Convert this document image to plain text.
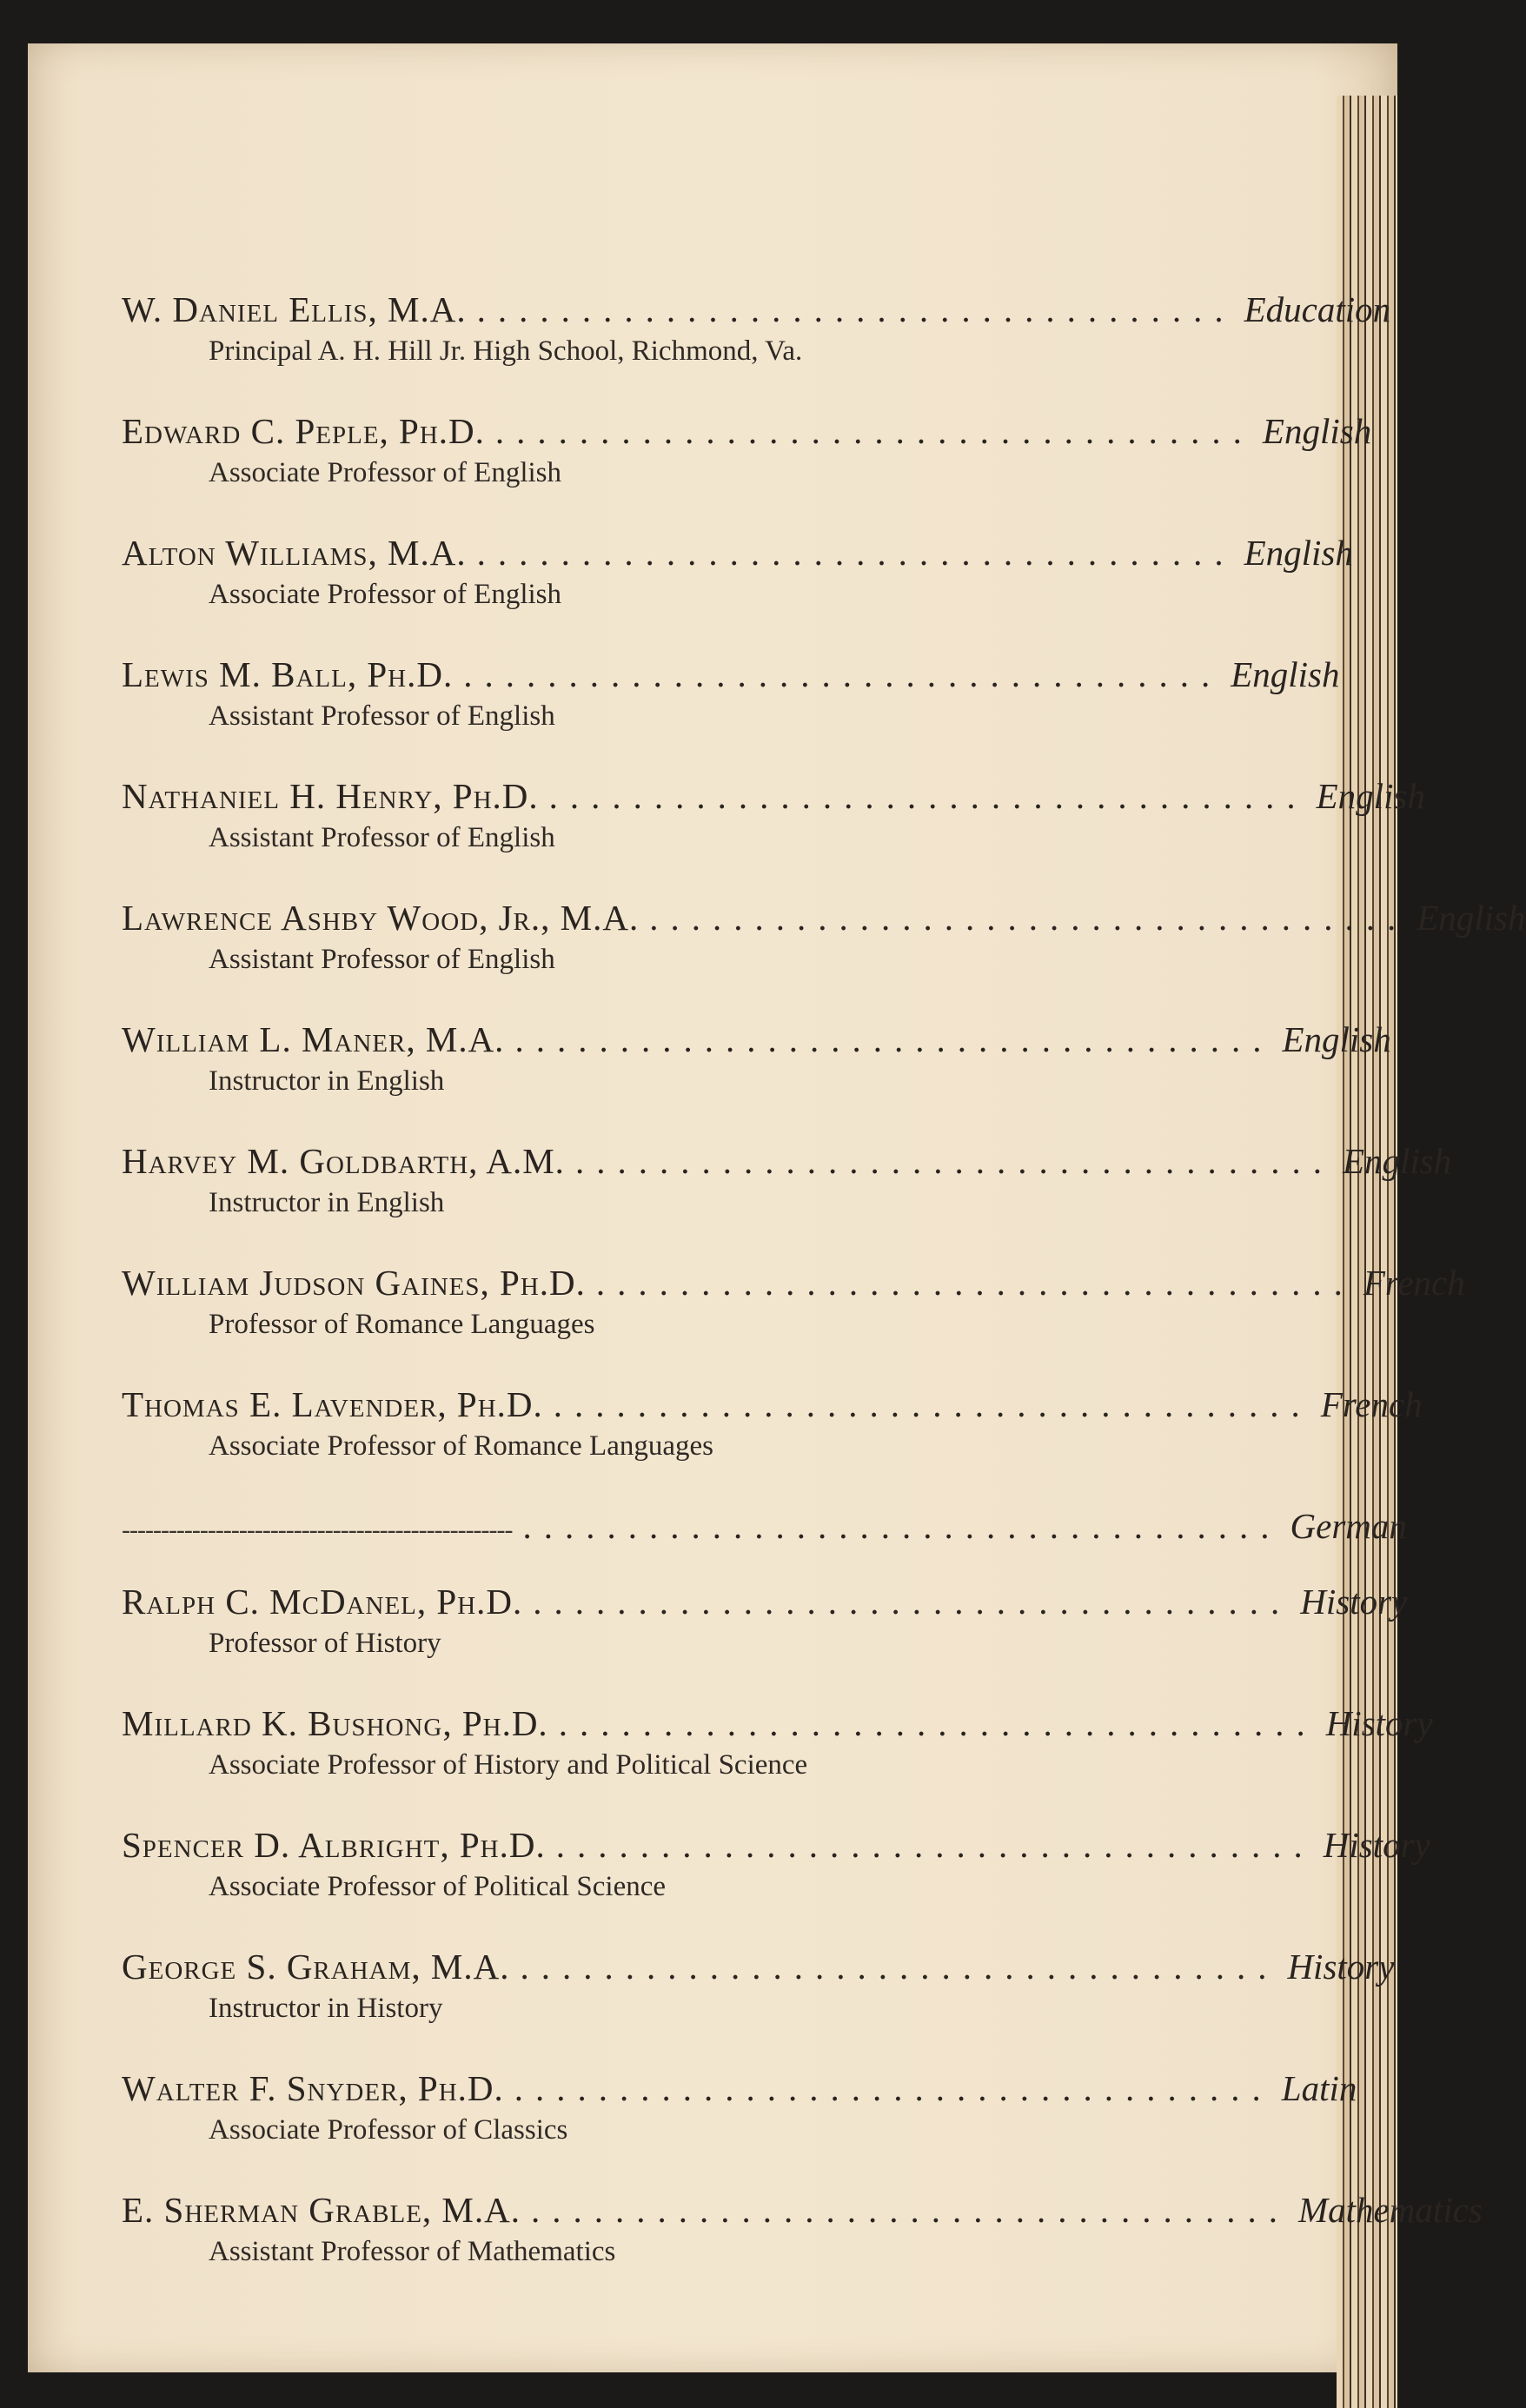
W. Daniel Ellis, M.A. .................................... Education
Principal A. H. Hill Jr. High School, Richmond, Va.
Edward C. Peple, Ph.D. .................................... English
Associate Professor of English
Alton Williams, M.A. .................................... English
Associate Professor of English
Lewis M. Ball, Ph.D. .................................... English
Assistant Professor of English
Nathaniel H. Henry, Ph.D. .................................... English
Assistant Professor of English
Lawrence Ashby Wood, Jr., M.A. .................................... English
Assistant Professor of English
William L. Maner, M.A. .................................... English
Instructor in English
Harvey M. Goldbarth, A.M. .................................... English
Instructor in English
William Judson Gaines, Ph.D. .................................... French
Professor of Romance Languages
Thomas E. Lavender, Ph.D. .................................... French
Associate Professor of Romance Languages
-------------------------------------------------- .................................... German
Ralph C. McDanel, Ph.D. .................................... History
Professor of History
Millard K. Bushong, Ph.D. .................................... History
Associate Professor of History and Political Science
Spencer D. Albright, Ph.D. .................................... History
Associate Professor of Political Science
George S. Graham, M.A. .................................... History
Instructor in History
Walter F. Snyder, Ph.D. .................................... Latin
Associate Professor of Classics
E. Sherman Grable, M.A. .................................... Mathematics
Assistant Professor of Mathematics
